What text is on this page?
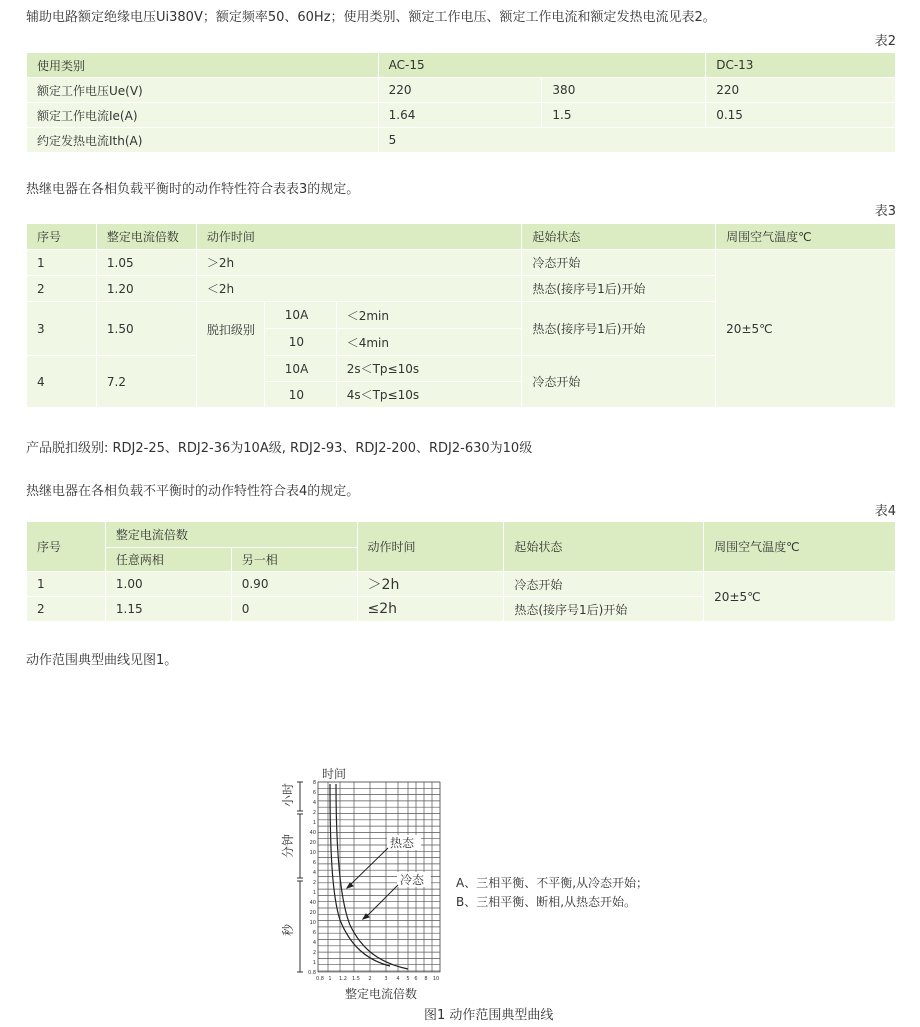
辅助电路额定绝缘电压Ui380V；额定频率50、60Hz；使用类别、额定工作电压、额定工作电流和额定发热电流见表2。
表2
使用类别	AC-15		DC-13
额定工作电压Ue(V)	220	380	220
额定工作电流Ie(A)	1.64	1.5	0.15
约定发热电流Ith(A)	5		
热继电器在各相负载平衡时的动作特性符合表表3的规定。
表3
序号	整定电流倍数	动作时间			起始状态	周围空气温度℃
1	1.05	＞2h			冷态开始	20±5℃
2	1.20	＜2h			热态(接序号1后)开始	
3	1.50	脱扣级别	10A	＜2min	热态(接序号1后)开始	
			10	＜4min		
4	7.2		10A	2s＜Tp≤10s	冷态开始	
			10	4s＜Tp≤10s		
产品脱扣级别: RDJ2-25、RDJ2-36为10A级, RDJ2-93、RDJ2-200、RDJ2-630为10级
热继电器在各相负载不平衡时的动作特性符合表4的规定。
表4
序号	整定电流倍数		动作时间	起始状态	周围空气温度℃
	任意两相	另一相			
1	1.00	0.90	＞2h	冷态开始	20±5℃
2	1.15	0	≤2h	热态(接序号1后)开始	
动作范围典型曲线见图1。
时间
小时
分钟
秒
8
6
4
2
1
40
20
10
6
4
2
1
40
20
10
6
4
2
1
0.8
0.8 1 1.2 1.5 2	3 4 5 6 8 10
热态
冷态
整定电流倍数
A、三相平衡、不平衡,从冷态开始；
B、三相平衡、断相,从热态开始。
图1 动作范围典型曲线
